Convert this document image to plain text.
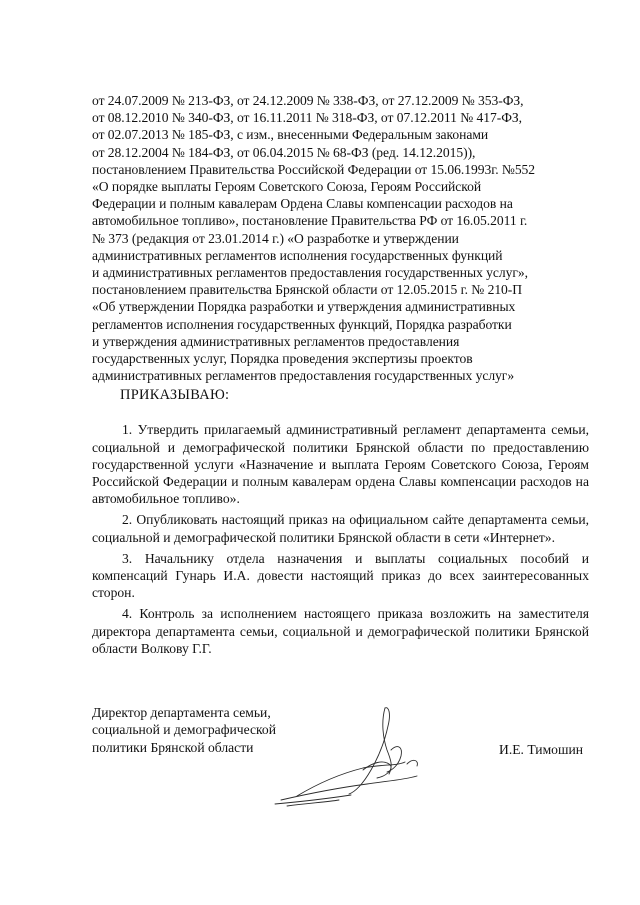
от 24.07.2009 № 213-ФЗ, от 24.12.2009 № 338-ФЗ, от 27.12.2009 № 353-ФЗ,
от 08.12.2010 № 340-ФЗ, от 16.11.2011 № 318-ФЗ, от 07.12.2011 № 417-ФЗ,
от 02.07.2013 № 185-ФЗ, с изм., внесенными Федеральным законами
от 28.12.2004 № 184-ФЗ, от 06.04.2015 № 68-ФЗ (ред. 14.12.2015)),
постановлением Правительства Российской Федерации от 15.06.1993г. №552
«О порядке выплаты Героям Советского Союза, Героям Российской
Федерации и полным кавалерам Ордена Славы компенсации расходов на
автомобильное топливо», постановление Правительства РФ от 16.05.2011 г.
№ 373 (редакция от 23.01.2014 г.) «О разработке и утверждении
административных регламентов исполнения государственных функций
и административных регламентов предоставления государственных услуг»,
постановлением правительства Брянской области от 12.05.2015 г. № 210-П
«Об утверждении Порядка разработки и утверждения административных
регламентов исполнения государственных функций, Порядка разработки
и утверждения административных регламентов предоставления
государственных услуг, Порядка проведения экспертизы проектов
административных регламентов предоставления государственных услуг»
ПРИКАЗЫВАЮ:

1. Утвердить прилагаемый административный регламент департамента семьи, социальной и демографической политики Брянской области по предоставлению государственной услуги «Назначение и выплата Героям Советского Союза, Героям Российской Федерации и полным кавалерам ордена Славы компенсации расходов на автомобильное топливо».

2. Опубликовать настоящий приказ на официальном сайте департамента семьи, социальной и демографической политики Брянской области в сети «Интернет».

3. Начальнику отдела назначения и выплаты социальных пособий и компенсаций Гунарь И.А. довести настоящий приказ до всех заинтересованных сторон.

4. Контроль за исполнением настоящего приказа возложить на заместителя директора департамента семьи, социальной и демографической политики Брянской области Волкову Г.Г.

Директор департамента семьи,
социальной и демографической
политики Брянской области	И.Е. Тимошин
